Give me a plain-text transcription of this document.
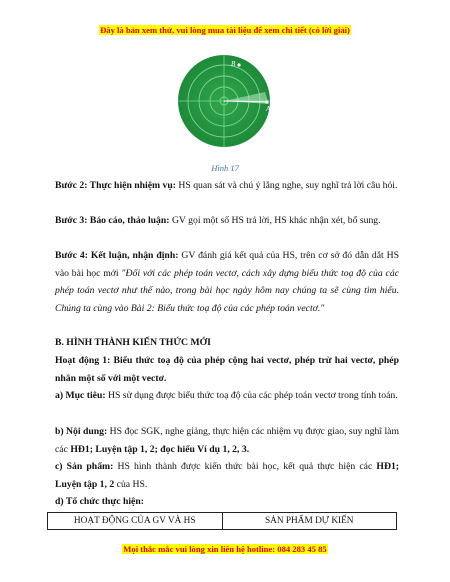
Đây là bản xem thử, vui lòng mua tài liệu để xem chi tiết (có lời giải)
B
A
Hình 17

Bước 2: Thực hiện nhiệm vụ: HS quan sát và chú ý lắng nghe, suy nghĩ trả lời câu hỏi.

Bước 3: Báo cáo, thảo luận: GV gọi một số HS trả lời, HS khác nhận xét, bổ sung.

Bước 4: Kết luận, nhận định: GV đánh giá kết quả của HS, trên cơ sở đó dẫn dắt HS vào bài học mới "Đối với các phép toán vectơ, cách xây dựng biểu thức toạ độ của các phép toán vectơ như thế nào, trong bài học ngày hôm nay chúng ta sẽ cùng tìm hiểu. Chúng ta cùng vào Bài 2: Biểu thức toạ độ của các phép toán vectơ."

B. HÌNH THÀNH KIẾN THỨC MỚI

Hoạt động 1: Biểu thức toạ độ của phép cộng hai vectơ, phép trừ hai vectơ, phép nhân một số với một vectơ.

a) Mục tiêu: HS sử dụng được biểu thức toạ độ của các phép toán vectơ trong tính toán.

b) Nội dung: HS đọc SGK, nghe giảng, thực hiện các nhiệm vụ được giao, suy nghĩ làm các HĐ1; Luyện tập 1, 2; đọc hiểu Ví dụ 1, 2, 3.

c) Sản phẩm: HS hình thành được kiến thức bài học, kết quả thực hiện các HĐ1; Luyện tập 1, 2 của HS.

d) Tổ chức thực hiện:

HOẠT ĐỘNG CỦA GV VÀ HS	SẢN PHẨM DỰ KIẾN
Mọi thắc mắc vui lòng xin liên hệ hotline: 084 283 45 85
